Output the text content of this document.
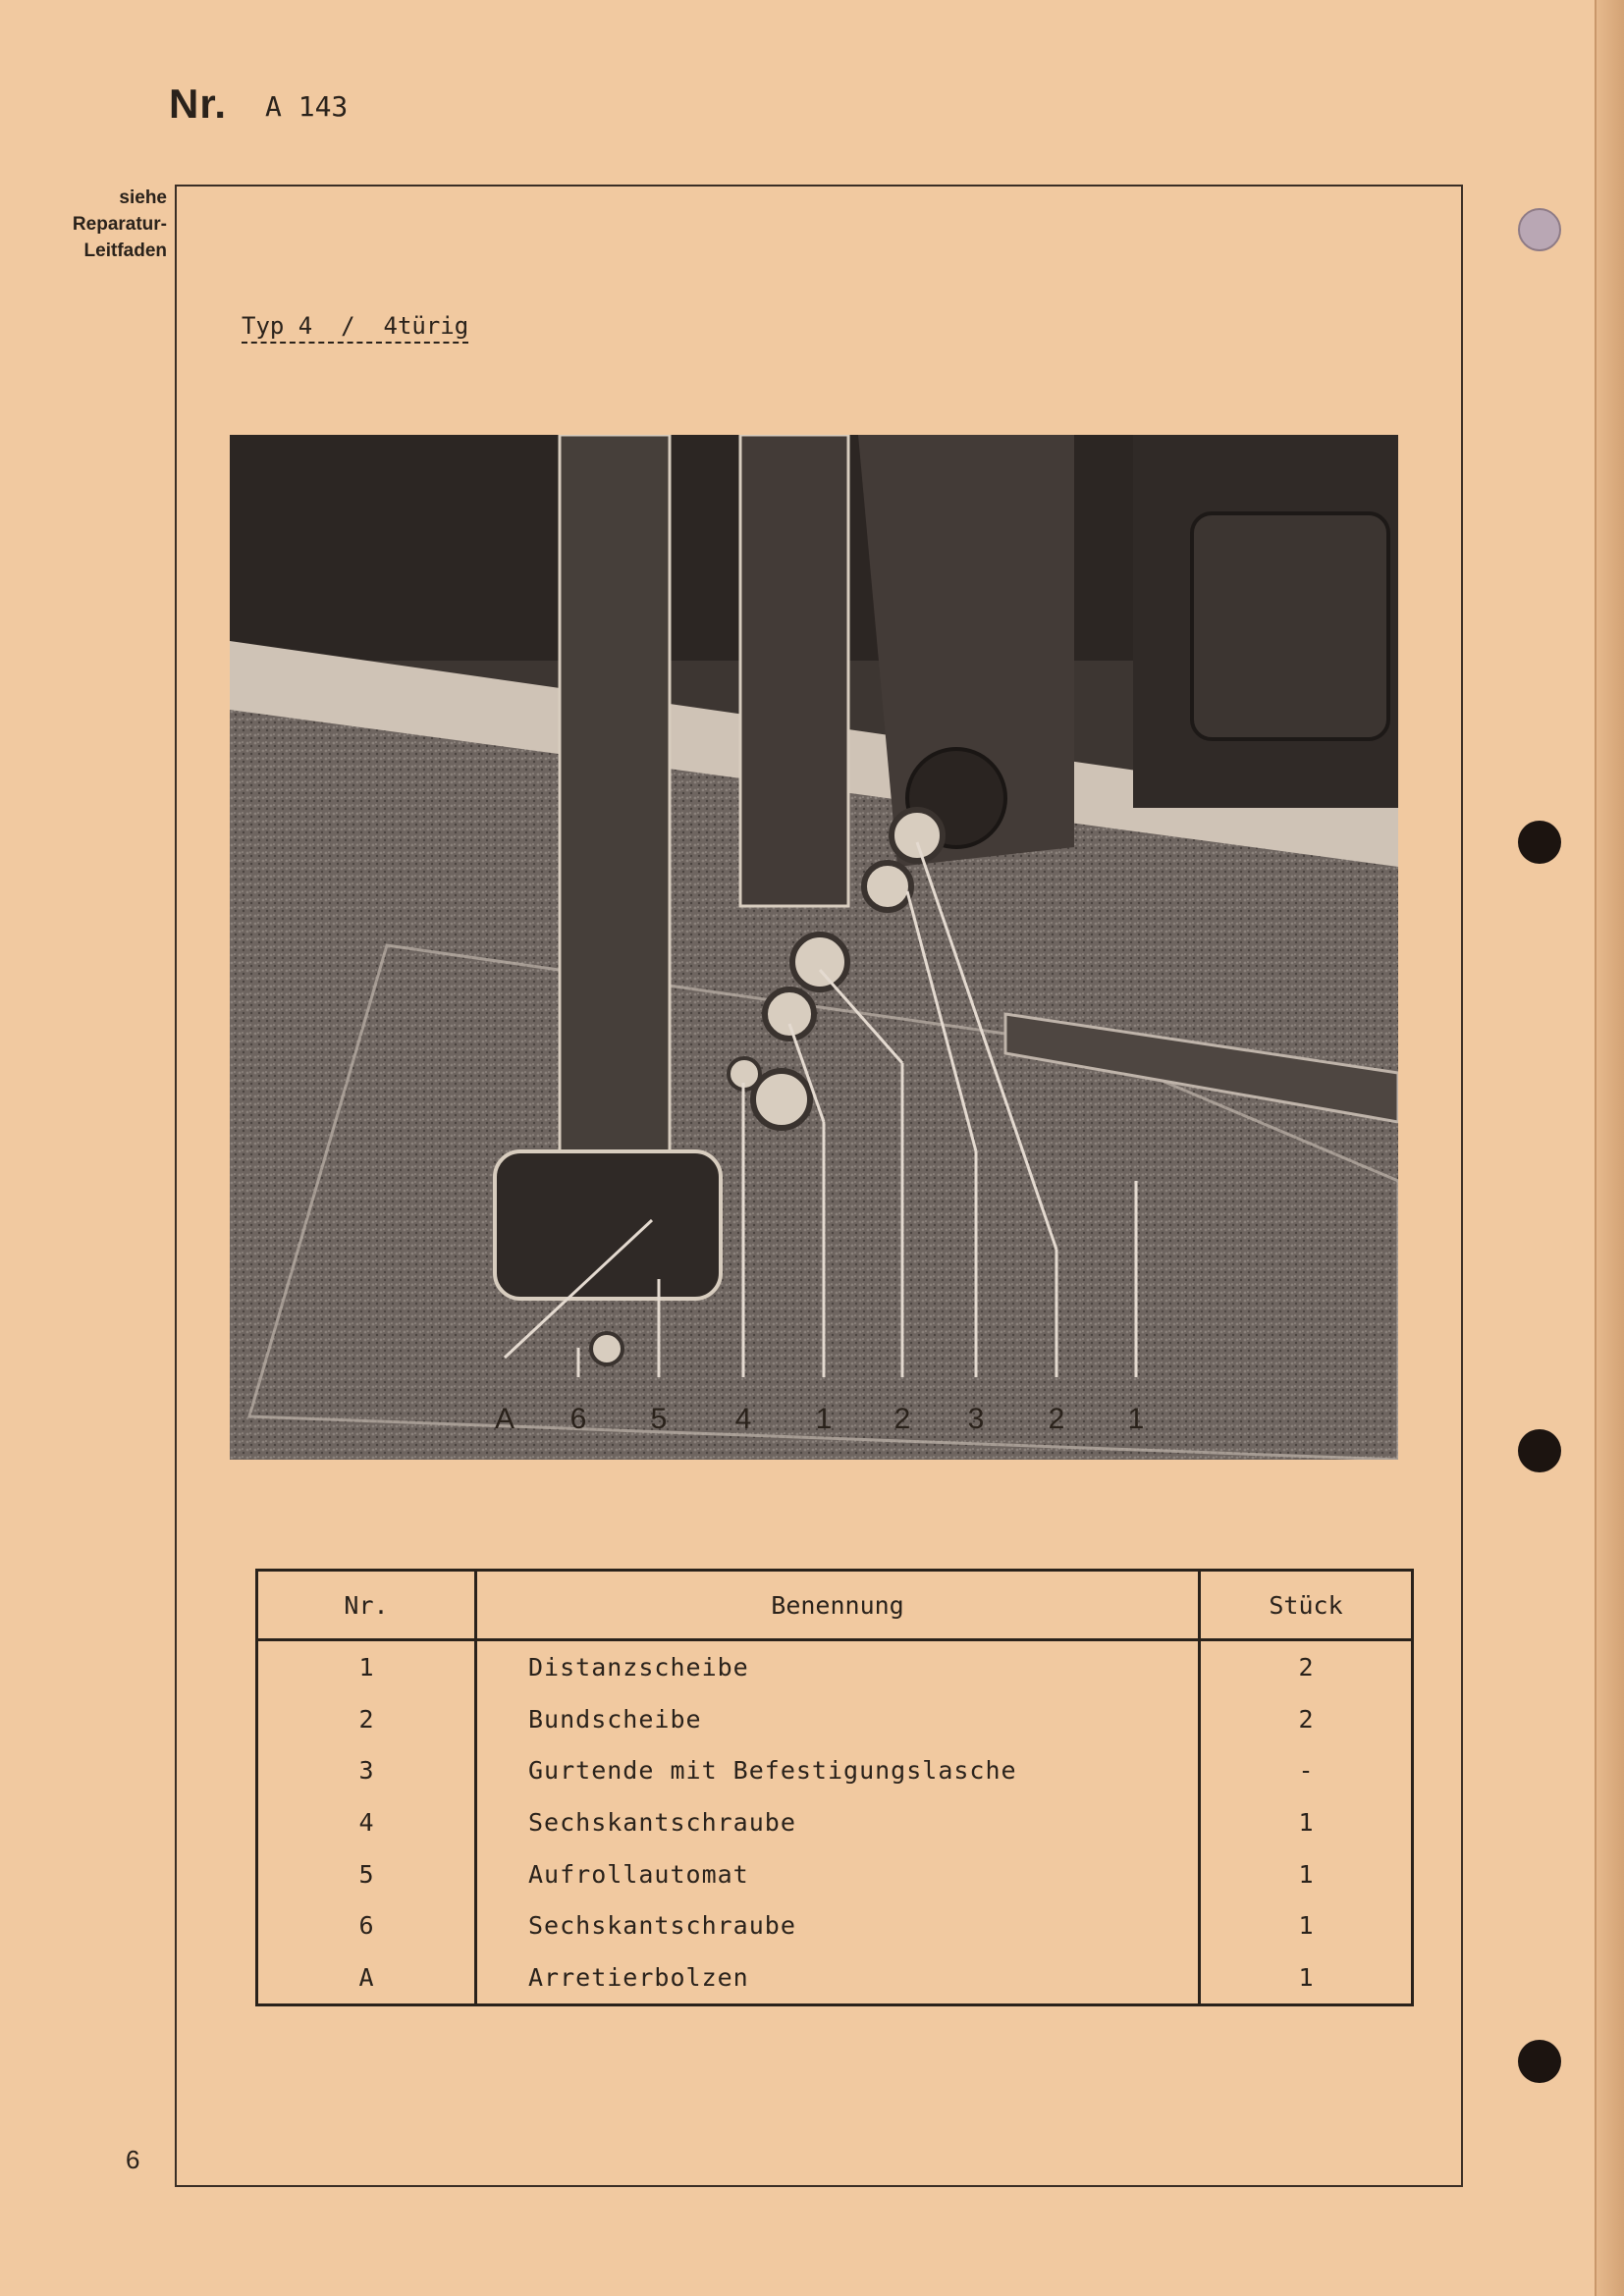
Nr. A 143
siehe
Reparatur-
Leitfaden
Typ 4  /  4türig
A 6 5 4 1 2 3 2 1
Nr.	Benennung	Stück
1	Distanzscheibe	2
2	Bundscheibe	2
3	Gurtende mit Befestigungslasche	-
4	Sechskantschraube	1
5	Aufrollautomat	1
6	Sechskantschraube	1
A	Arretierbolzen	1
6
